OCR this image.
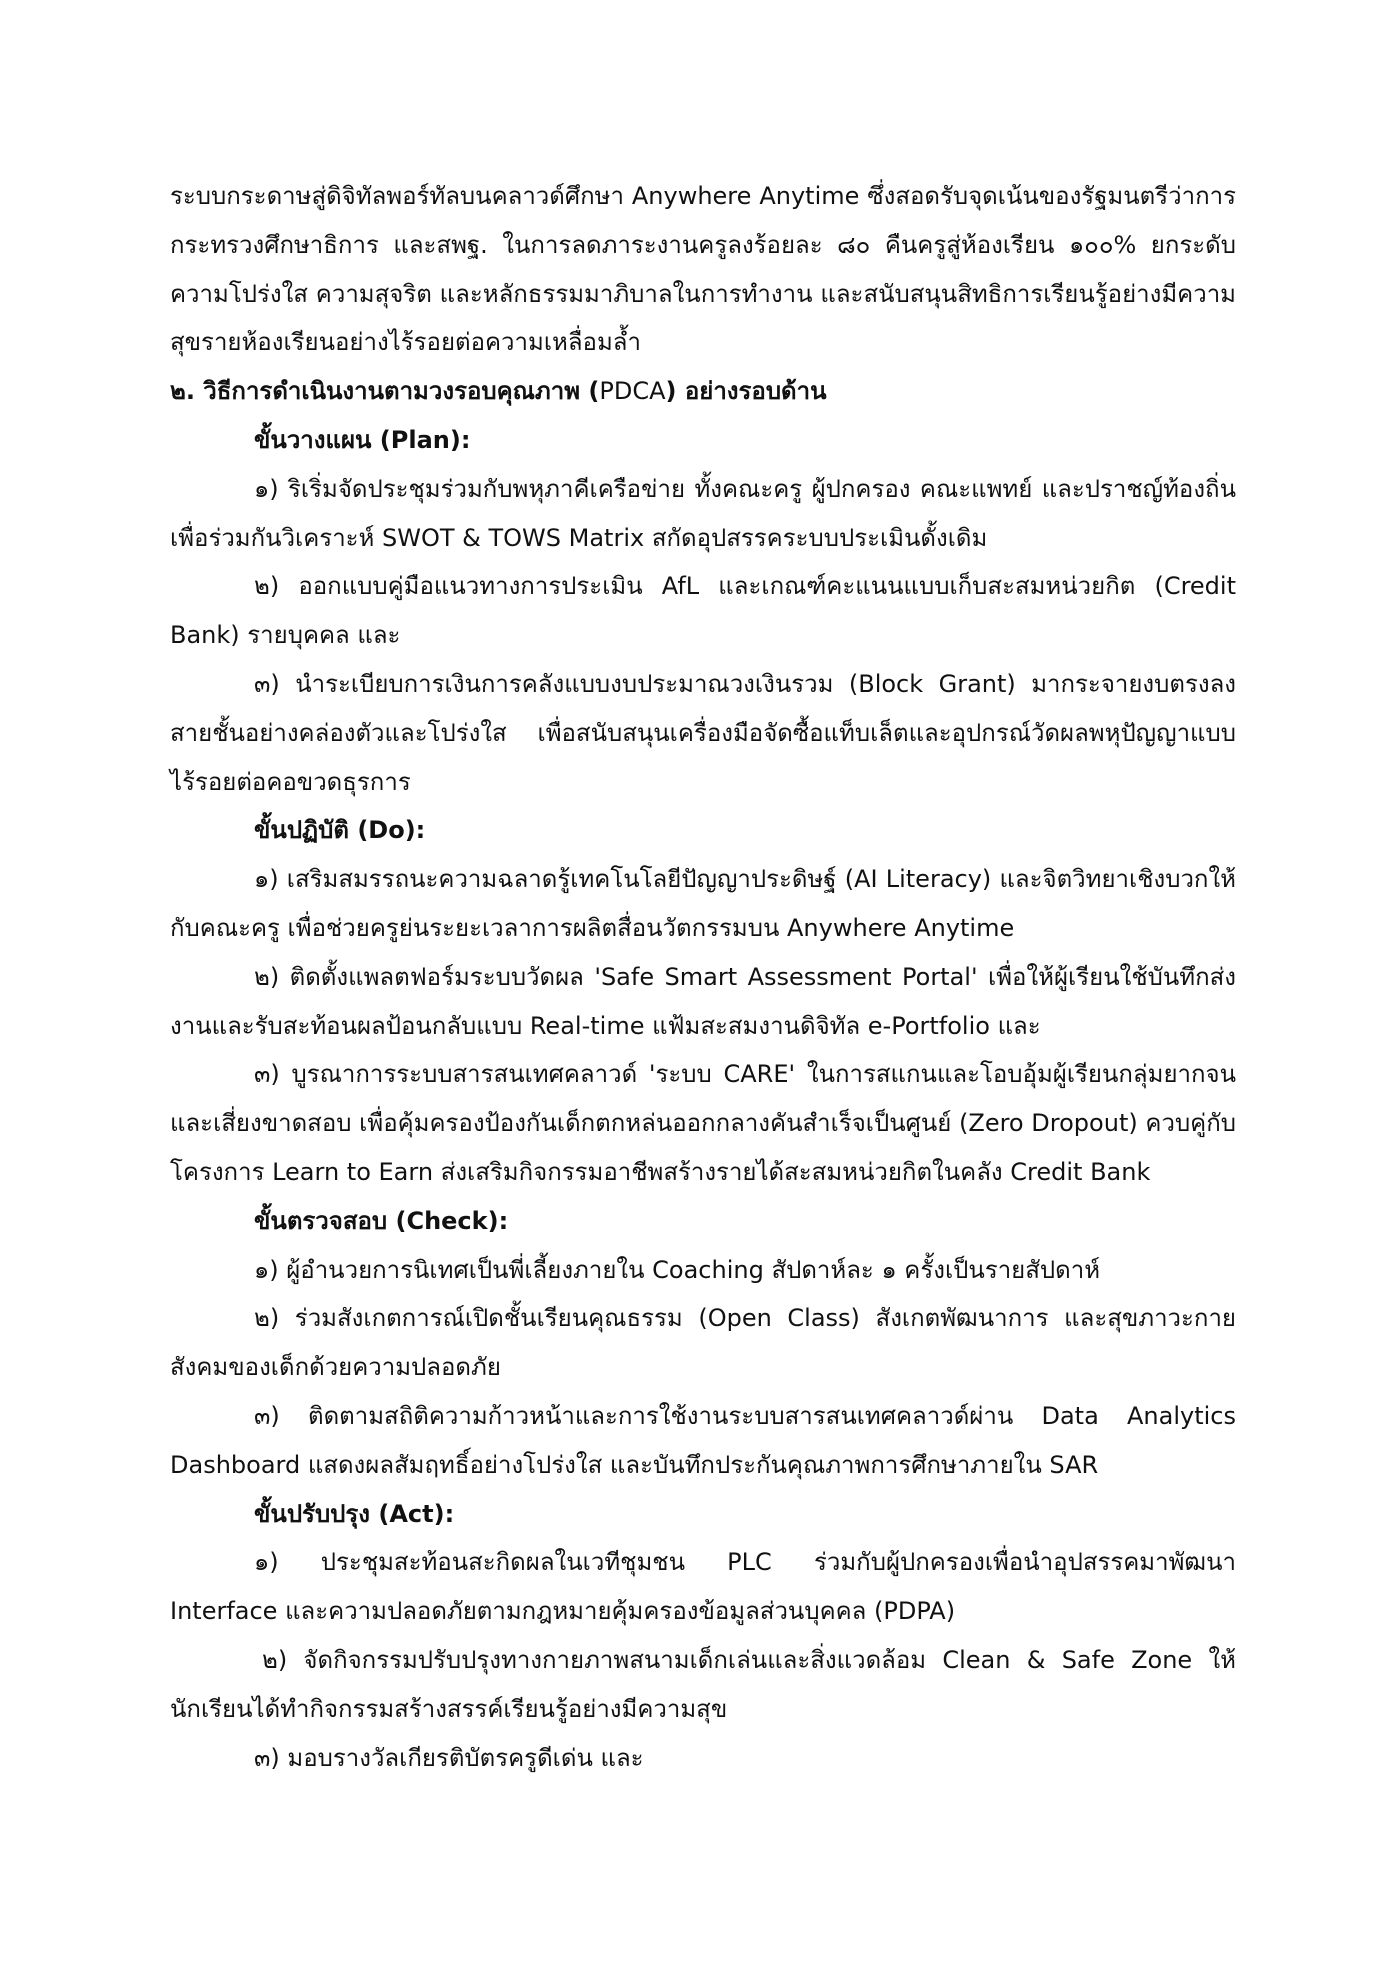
ระบบกระดาษสู่ดิจิทัลพอร์ทัลบนคลาวด์ศึกษา Anywhere Anytime ซึ่งสอดรับจุดเน้นของรัฐมนตรีว่าการกระทรวงศึกษาธิการ และสพฐ. ในการลดภาระงานครูลงร้อยละ ๘๐ คืนครูสู่ห้องเรียน ๑๐๐% ยกระดับความโปร่งใส ความสุจริต และหลักธรรมมาภิบาลในการทำงาน และสนับสนุนสิทธิการเรียนรู้อย่างมีความสุขรายห้องเรียนอย่างไร้รอยต่อความเหลื่อมล้ำ

๒. วิธีการดำเนินงานตามวงรอบคุณภาพ (PDCA) อย่างรอบด้าน

ขั้นวางแผน (Plan):

๑) ริเริ่มจัดประชุมร่วมกับพหุภาคีเครือข่าย ทั้งคณะครู ผู้ปกครอง คณะแพทย์ และปราชญ์ท้องถิ่นเพื่อร่วมกันวิเคราะห์ SWOT & TOWS Matrix สกัดอุปสรรคระบบประเมินดั้งเดิม

๒) ออกแบบคู่มือแนวทางการประเมิน AfL และเกณฑ์คะแนนแบบเก็บสะสมหน่วยกิต (Credit Bank) รายบุคคล และ

๓) นำระเบียบการเงินการคลังแบบงบประมาณวงเงินรวม (Block Grant) มากระจายงบตรงลงสายชั้นอย่างคล่องตัวและโปร่งใส เพื่อสนับสนุนเครื่องมือจัดซื้อแท็บเล็ตและอุปกรณ์วัดผลพหุปัญญาแบบไร้รอยต่อคอขวดธุรการ

ขั้นปฏิบัติ (Do):

๑) เสริมสมรรถนะความฉลาดรู้เทคโนโลยีปัญญาประดิษฐ์ (AI Literacy) และจิตวิทยาเชิงบวกให้กับคณะครู เพื่อช่วยครูย่นระยะเวลาการผลิตสื่อนวัตกรรมบน Anywhere Anytime

๒) ติดตั้งแพลตฟอร์มระบบวัดผล 'Safe Smart Assessment Portal' เพื่อให้ผู้เรียนใช้บันทึกส่งงานและรับสะท้อนผลป้อนกลับแบบ Real-time แฟ้มสะสมงานดิจิทัล e-Portfolio และ

๓) บูรณาการระบบสารสนเทศคลาวด์ 'ระบบ CARE' ในการสแกนและโอบอุ้มผู้เรียนกลุ่มยากจนและเสี่ยงขาดสอบ เพื่อคุ้มครองป้องกันเด็กตกหล่นออกกลางคันสำเร็จเป็นศูนย์ (Zero Dropout) ควบคู่กับโครงการ Learn to Earn ส่งเสริมกิจกรรมอาชีพสร้างรายได้สะสมหน่วยกิตในคลัง Credit Bank

ขั้นตรวจสอบ (Check):

๑) ผู้อำนวยการนิเทศเป็นพี่เลี้ยงภายใน Coaching สัปดาห์ละ ๑ ครั้งเป็นรายสัปดาห์

๒) ร่วมสังเกตการณ์เปิดชั้นเรียนคุณธรรม (Open Class) สังเกตพัฒนาการ และสุขภาวะกายสังคมของเด็กด้วยความปลอดภัย

๓) ติดตามสถิติความก้าวหน้าและการใช้งานระบบสารสนเทศคลาวด์ผ่าน Data Analytics Dashboard แสดงผลสัมฤทธิ์อย่างโปร่งใส และบันทึกประกันคุณภาพการศึกษาภายใน SAR

ขั้นปรับปรุง (Act):

๑) ประชุมสะท้อนสะกิดผลในเวทีชุมชน PLC ร่วมกับผู้ปกครองเพื่อนำอุปสรรคมาพัฒนา Interface และความปลอดภัยตามกฎหมายคุ้มครองข้อมูลส่วนบุคคล (PDPA)

๒) จัดกิจกรรมปรับปรุงทางกายภาพสนามเด็กเล่นและสิ่งแวดล้อม Clean & Safe Zone ให้นักเรียนได้ทำกิจกรรมสร้างสรรค์เรียนรู้อย่างมีความสุข

๓) มอบรางวัลเกียรติบัตรครูดีเด่น และ
